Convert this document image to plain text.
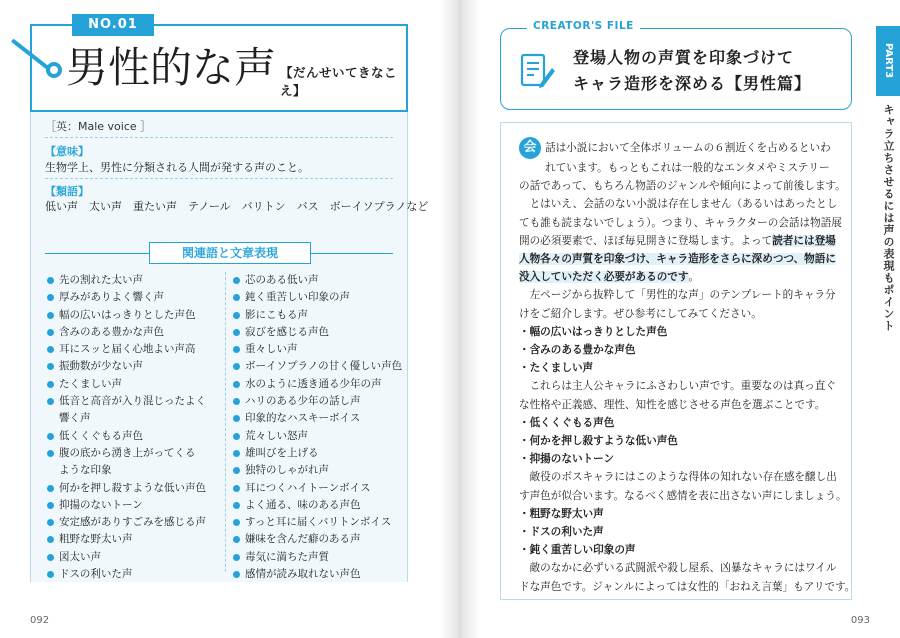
NO.01
男性的な声 【だんせいてきなこえ】
［英：Male voice ］
【意味】
生物学上、男性に分類される人間が発する声のこと。
【類語】
低い声　太い声　重たい声　テノール　バリトン　バス　ボーイソプラノなど
関連語と文章表現
先の割れた太い声
厚みがありよく響く声
幅の広いはっきりとした声色
含みのある豊かな声色
耳にスッと届く心地よい声高
振動数が少ない声
たくましい声
低音と高音が入り混じったよく
響く声
低くくぐもる声色
腹の底から湧き上がってくる
ような印象
何かを押し殺すような低い声色
抑揚のないトーン
安定感がありすごみを感じる声
粗野な野太い声
図太い声
ドスの利いた声
芯のある低い声
鈍く重苦しい印象の声
影にこもる声
寂びを感じる声色
重々しい声
ボーイソプラノの甘く優しい声色
水のように透き通る少年の声
ハリのある少年の話し声
印象的なハスキーボイス
荒々しい怒声
雄叫びを上げる
独特のしゃがれ声
耳につくハイトーンボイス
よく通る、味のある声色
すっと耳に届くバリトンボイス
嫌味を含んだ癖のある声
毒気に満ちた声質
感情が読み取れない声色
092
CREATOR'S FILE
登場人物の声質を印象づけて
キャラ造形を深める【男性篇】
会 話は小説において全体ボリュームの６割近くを占めるといわ
れています。もっともこれは一般的なエンタメやミステリー
の話であって、もちろん物語のジャンルや傾向によって前後します。
とはいえ、会話のない小説は存在しません（あるいはあったとし
ても誰も読まないでしょう）。つまり、キャラクターの会話は物語展
開の必須要素で、ほぼ毎見開きに登場します。よって読者には登場
人物各々の声質を印象づけ、キャラ造形をさらに深めつつ、物語に
没入していただく必要があるのです。
左ページから抜粋して「男性的な声」のテンプレート的キャラ分
けをご紹介します。ぜひ参考にしてみてください。
・幅の広いはっきりとした声色
・含みのある豊かな声色
・たくましい声
これらは主人公キャラにふさわしい声です。重要なのは真っ直ぐ
な性格や正義感、理性、知性を感じさせる声色を選ぶことです。
・低くくぐもる声色
・何かを押し殺すような低い声色
・抑揚のないトーン
敵役のボスキャラにはこのような得体の知れない存在感を醸し出
す声色が似合います。なるべく感情を表に出さない声にしましょう。
・粗野な野太い声
・ドスの利いた声
・鈍く重苦しい印象の声
敵のなかに必ずいる武闘派や殺し屋系、凶暴なキャラにはワイル
ドな声色です。ジャンルによっては女性的「おねえ言葉」もアリです。
PART3
キャラ立ちさせるには声の表現もポイント
093
